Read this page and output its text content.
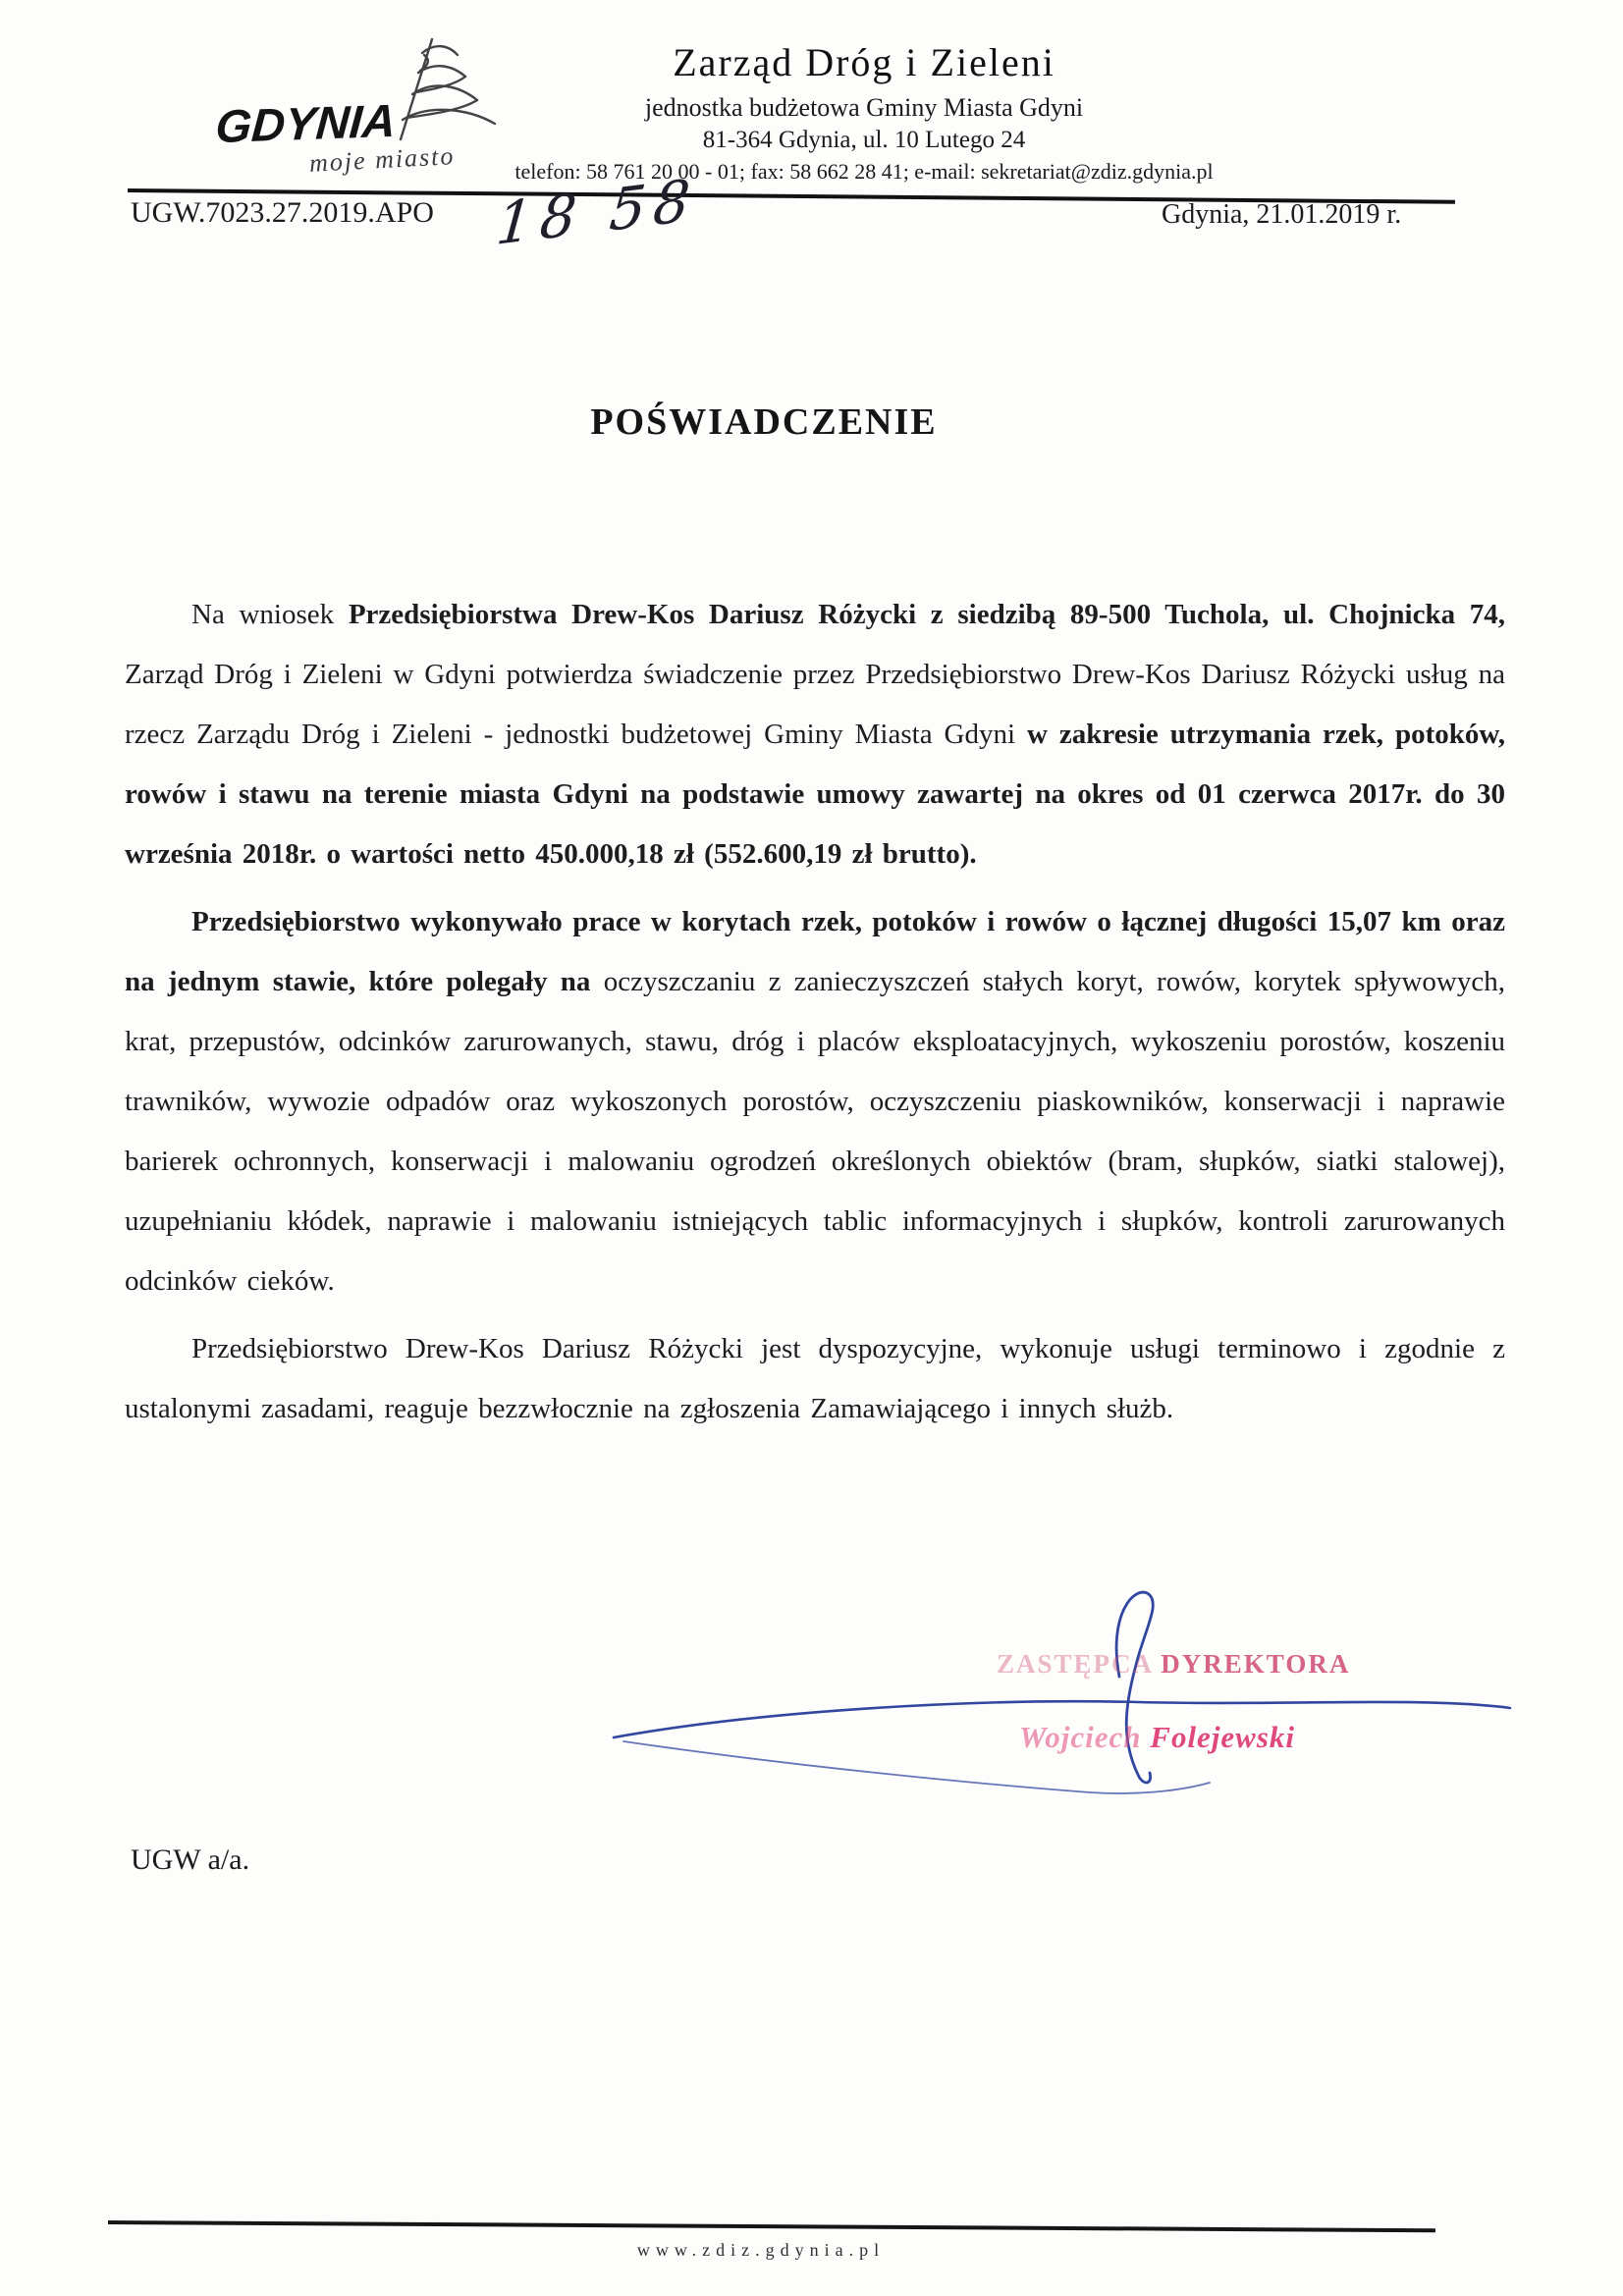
GDYNIA
moje miasto
Zarząd Dróg i Zieleni
jednostka budżetowa Gminy Miasta Gdyni
81-364 Gdynia, ul. 10 Lutego 24
telefon: 58 761 20 00 - 01; fax: 58 662 28 41; e-mail: sekretariat@zdiz.gdynia.pl
UGW.7023.27.2019.APO 18 58	Gdynia, 21.01.2019 r.
POŚWIADCZENIE

Na wniosek Przedsiębiorstwa Drew-Kos Dariusz Różycki z siedzibą 89-500 Tuchola, ul. Chojnicka 74, Zarząd Dróg i Zieleni w Gdyni potwierdza świadczenie przez Przedsiębiorstwo Drew-Kos Dariusz Różycki usług na rzecz Zarządu Dróg i Zieleni - jednostki budżetowej Gminy Miasta Gdyni w zakresie utrzymania rzek, potoków, rowów i stawu na terenie miasta Gdyni na podstawie umowy zawartej na okres od 01 czerwca 2017r. do 30 września 2018r. o wartości netto 450.000,18 zł (552.600,19 zł brutto).

Przedsiębiorstwo wykonywało prace w korytach rzek, potoków i rowów o łącznej długości 15,07 km oraz na jednym stawie, które polegały na oczyszczaniu z zanieczyszczeń stałych koryt, rowów, korytek spływowych, krat, przepustów, odcinków zarurowanych, stawu, dróg i placów eksploatacyjnych, wykoszeniu porostów, koszeniu trawników, wywozie odpadów oraz wykoszonych porostów, oczyszczeniu piaskowników, konserwacji i naprawie barierek ochronnych, konserwacji i malowaniu ogrodzeń określonych obiektów (bram, słupków, siatki stalowej), uzupełnianiu kłódek, naprawie i malowaniu istniejących tablic informacyjnych i słupków, kontroli zarurowanych odcinków cieków.

Przedsiębiorstwo Drew-Kos Dariusz Różycki jest dyspozycyjne, wykonuje usługi terminowo i zgodnie z ustalonymi zasadami, reaguje bezzwłocznie na zgłoszenia Zamawiającego i innych służb.

ZASTĘPCA DYREKTORA
Wojciech Folejewski
UGW a/a.
www.zdiz.gdynia.pl
